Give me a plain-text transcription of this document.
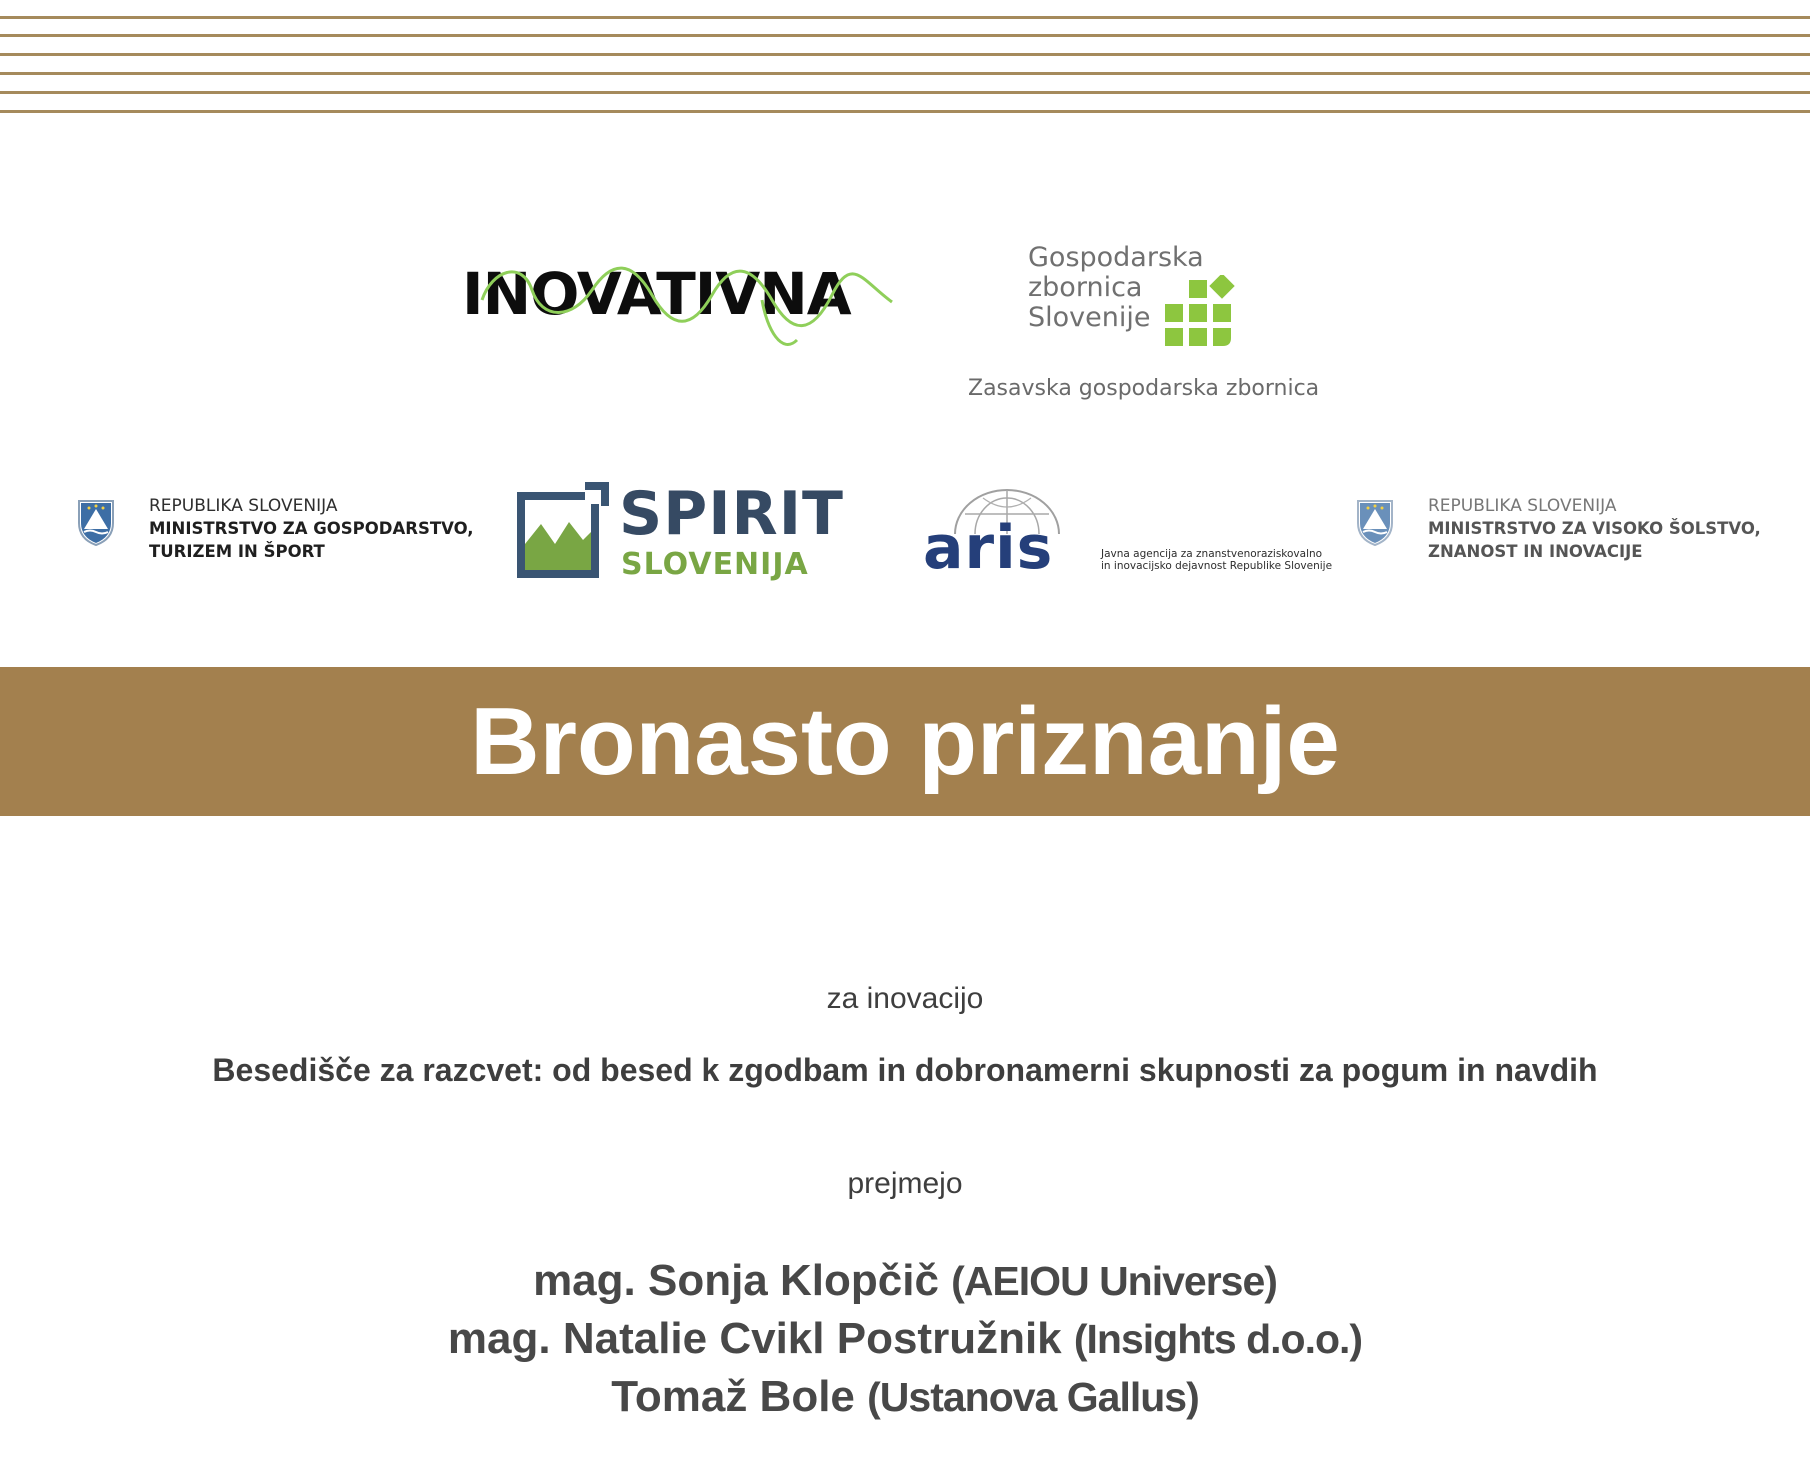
INOVATIVNA
Gospodarska
zbornica
Slovenije
Zasavska gospodarska zbornica
REPUBLIKA SLOVENIJA
MINISTRSTVO ZA GOSPODARSTVO,
TURIZEM IN ŠPORT
SPIRIT
SLOVENIJA aris	Javna agencija za znanstvenoraziskovalno
in inovacijsko dejavnost Republike Slovenije
REPUBLIKA SLOVENIJA
MINISTRSTVO ZA VISOKO ŠOLSTVO,
ZNANOST IN INOVACIJE
Bronasto priznanje
za inovacijo
Besedišče za razcvet: od besed k zgodbam in dobronamerni skupnosti za pogum in navdih
prejmejo
mag. Sonja Klopčič (AEIOU Universe)
mag. Natalie Cvikl Postružnik (Insights d.o.o.)
Tomaž Bole (Ustanova Gallus)
